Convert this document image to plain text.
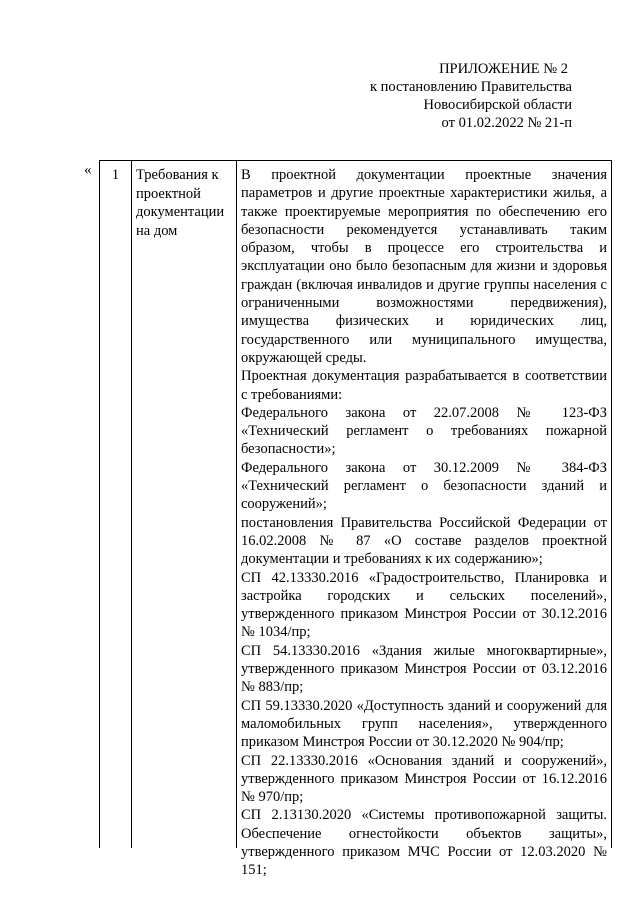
ПРИЛОЖЕНИЕ № 2
к постановлению Правительства
Новосибирской области
от 01.02.2022 № 21-п
«	1	Требования к проектной документации на дом

В проектной документации проектные значения параметров и другие проектные характеристики жилья, а также проектируемые мероприятия по обеспечению его безопасности рекомендуется устанавливать таким образом, чтобы в процессе его строительства и эксплуатации оно было безопасным для жизни и здоровья граждан (включая инвалидов и другие группы населения с ограниченными возможностями передвижения), имущества физических и юридических лиц, государственного или муниципального имущества, окружающей среды.

Проектная документация разрабатывается в соответствии с требованиями:

Федерального закона от 22.07.2008 № 123-ФЗ «Технический регламент о требованиях пожарной безопасности»;

Федерального закона от 30.12.2009 № 384-ФЗ «Технический регламент о безопасности зданий и сооружений»;

постановления Правительства Российской Федерации от 16.02.2008 № 87 «О составе разделов проектной документации и требованиях к их содержанию»;

СП 42.13330.2016 «Градостроительство, Планировка и застройка городских и сельских поселений», утвержденного приказом Минстроя России от 30.12.2016 № 1034/пр;

СП 54.13330.2016 «Здания жилые многоквартирные», утвержденного приказом Минстроя России от 03.12.2016 № 883/пр;

СП 59.13330.2020 «Доступность зданий и сооружений для маломобильных групп населения», утвержденного приказом Минстроя России от 30.12.2020 № 904/пр;

СП 22.13330.2016 «Основания зданий и сооружений», утвержденного приказом Минстроя России от 16.12.2016 № 970/пр;

СП 2.13130.2020 «Системы противопожарной защиты. Обеспечение огнестойкости объектов защиты», утвержденного приказом МЧС России от 12.03.2020 № 151;
